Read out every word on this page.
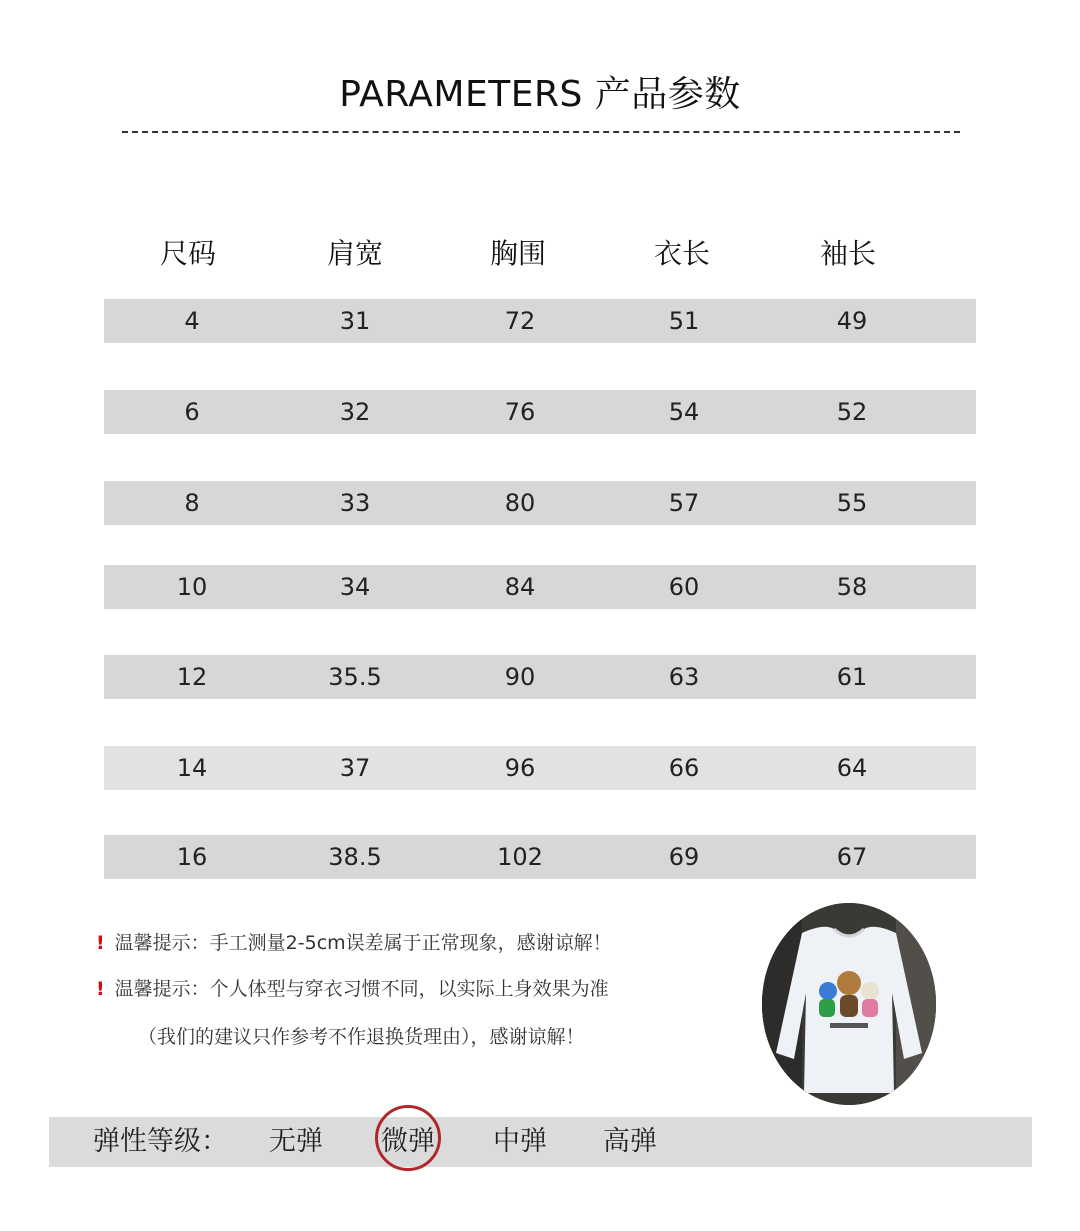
PARAMETERS 产品参数
尺码	肩宽	胸围	衣长	袖长
4	31	72	51	49
6	32	76	54	52
8	33	80	57	55
10	34	84	60	58
12	35.5	90	63	61
14	37	96	66	64
16	38.5	102	69	67
! 温馨提示：手工测量2-5cm误差属于正常现象，感谢谅解！
! 温馨提示：个人体型与穿衣习惯不同，以实际上身效果为准
（我们的建议只作参考不作退换货理由），感谢谅解！
弹性等级： 无弹 微弹 中弹 高弹
